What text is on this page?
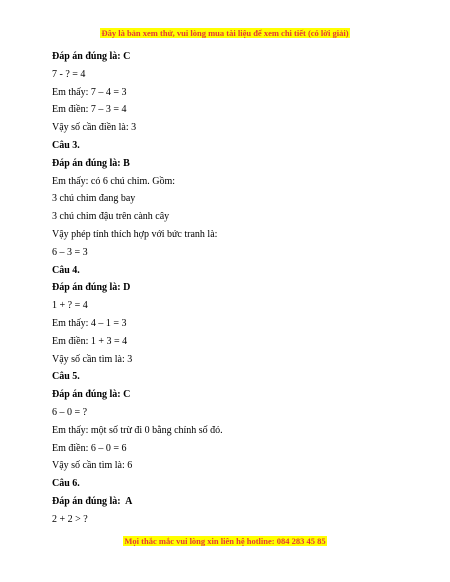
Đây là bản xem thử, vui lòng mua tài liệu để xem chi tiết (có lời giải)
Đáp án đúng là: C
7 - ? = 4
Em thấy: 7 – 4 = 3
Em điền: 7 – 3 = 4
Vậy số cần điền là: 3
Câu 3.
Đáp án đúng là: B
Em thấy: có 6 chú chim. Gồm:
3 chú chim đang bay
3 chú chim đậu trên cành cây
Vậy phép tính thích hợp với bức tranh là:
6 – 3 = 3
Câu 4.
Đáp án đúng là: D
1 + ? = 4
Em thấy: 4 – 1 = 3
Em điền: 1 + 3 = 4
Vậy số cần tìm là: 3
Câu 5.
Đáp án đúng là: C
6 – 0 = ?
Em thấy: một số trừ đi 0 bằng chính số đó.
Em điền: 6 – 0 = 6
Vậy số cần tìm là: 6
Câu 6.
Đáp án đúng là:  A
2 + 2 > ?
Mọi thắc mắc vui lòng xin liên hệ hotline: 084 283 45 85
